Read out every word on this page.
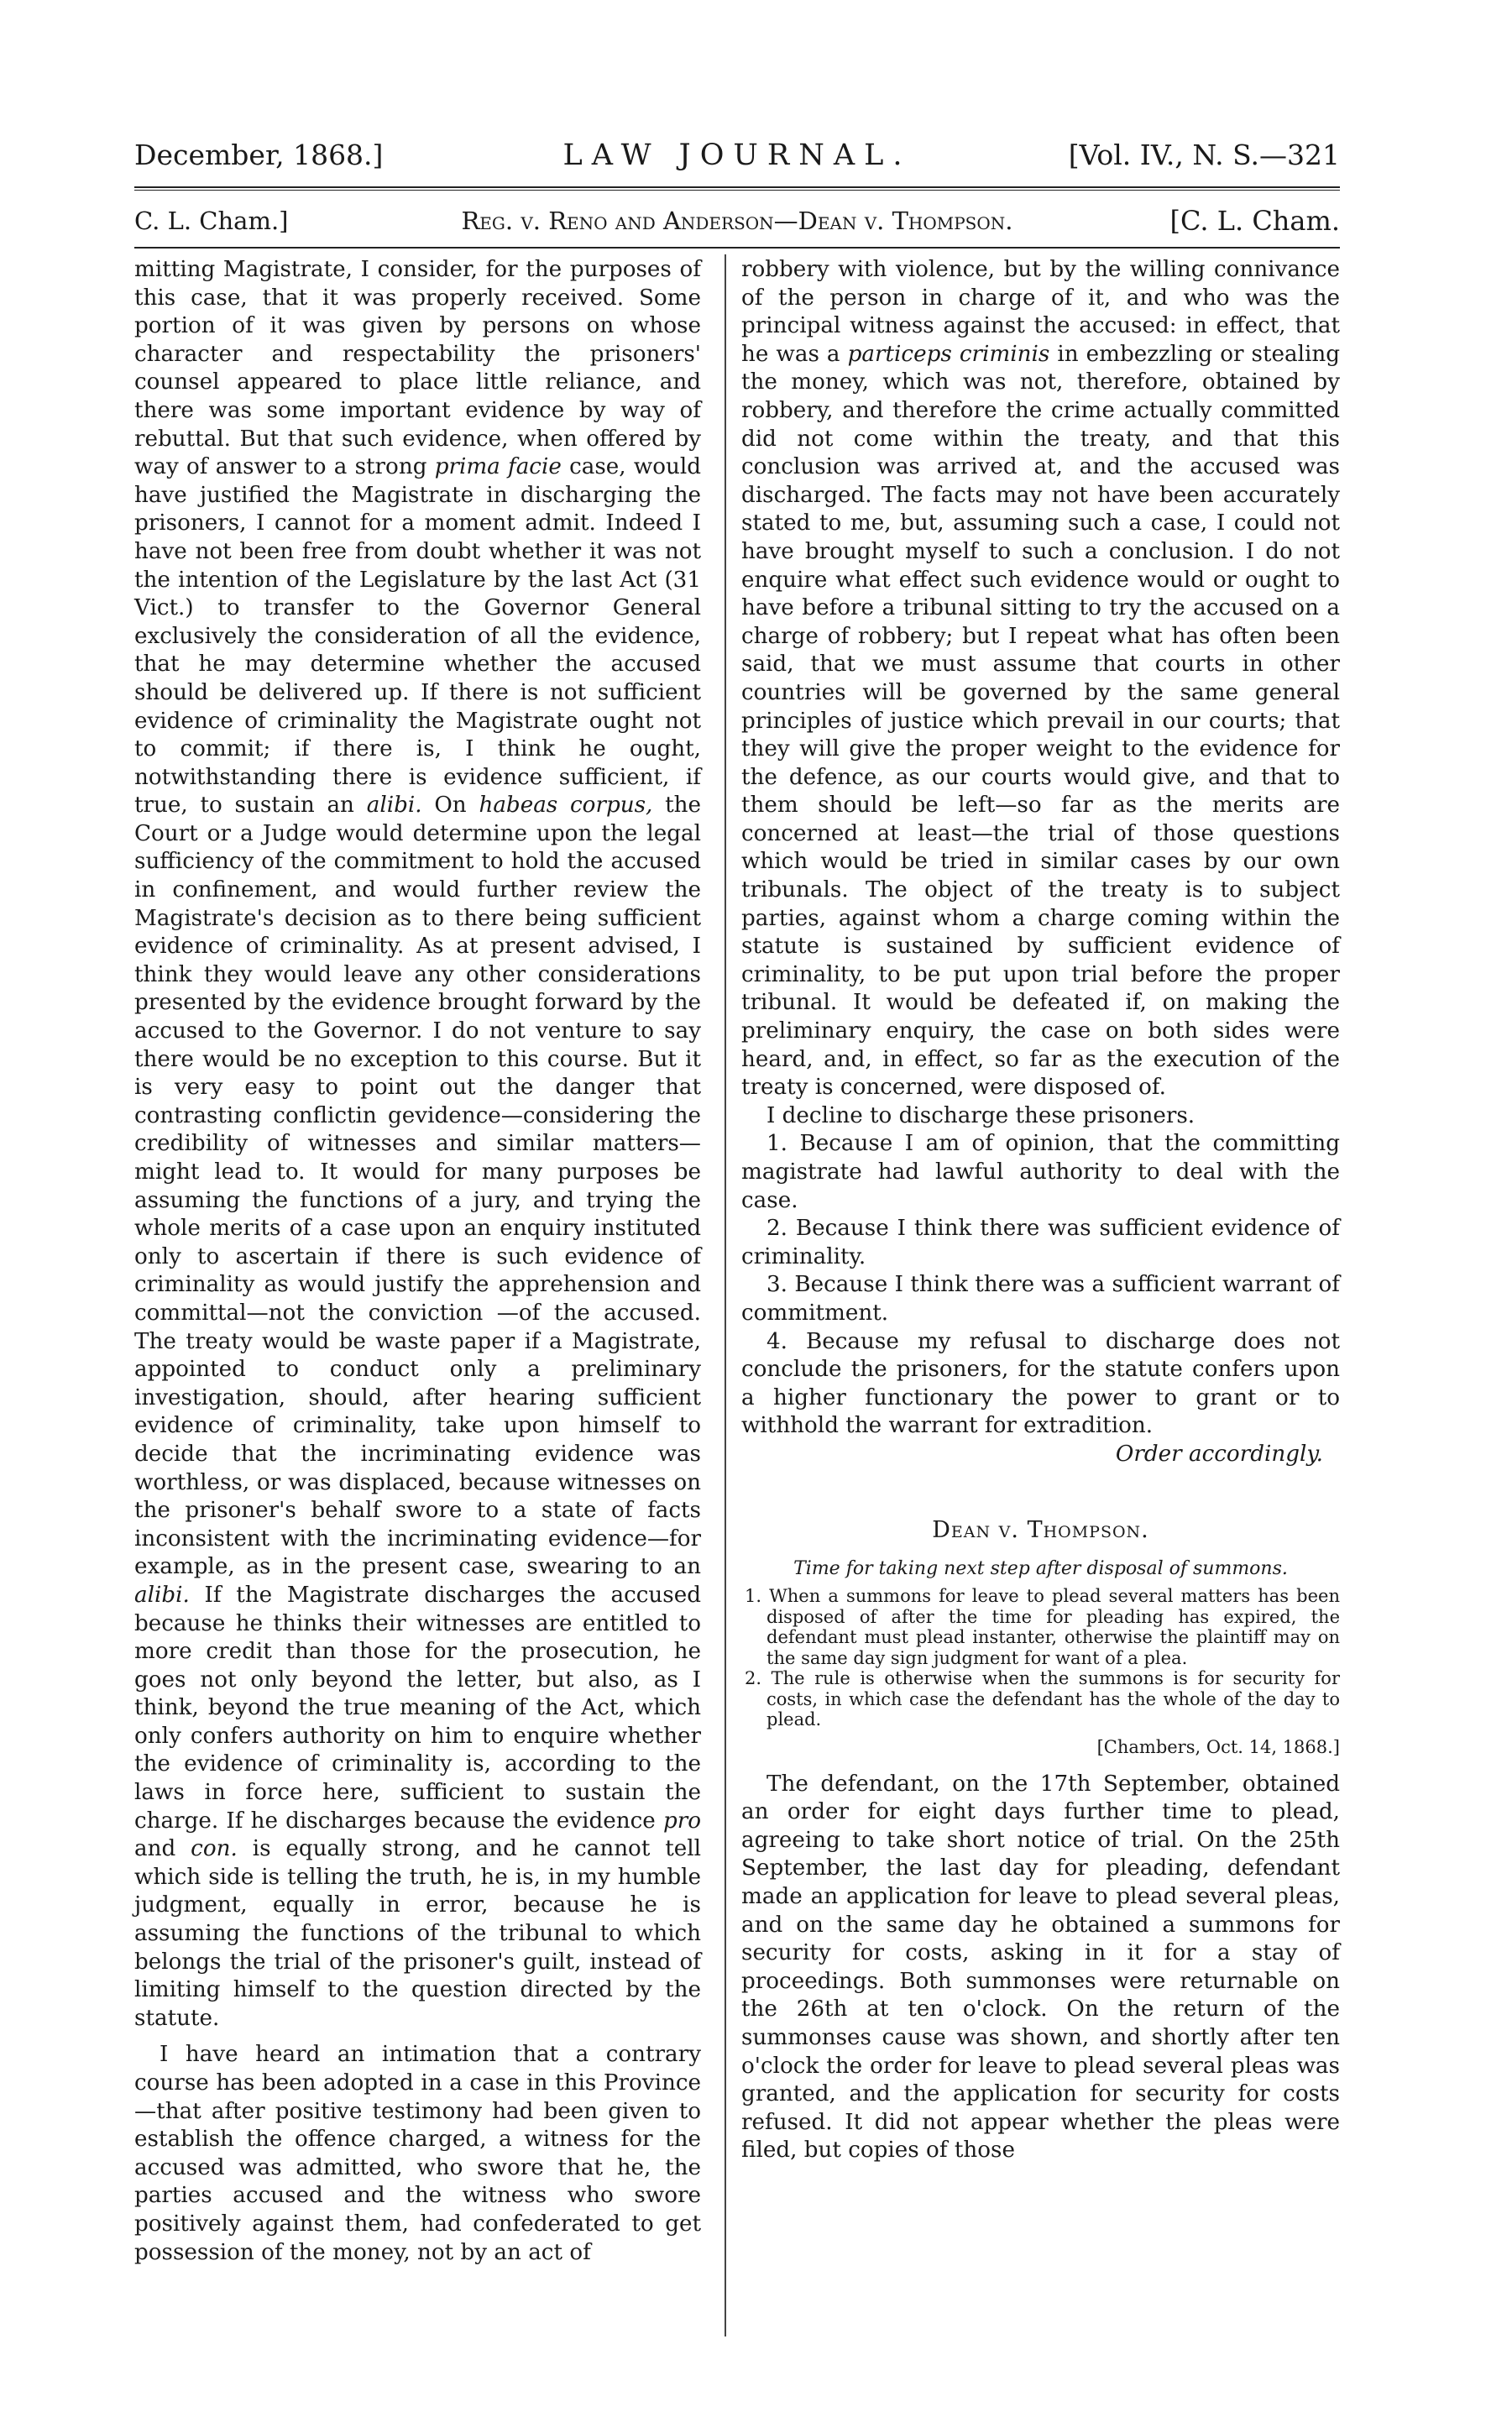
December, 1868.]	LAW JOURNAL.	[Vol. IV., N. S.—321
C. L. Cham.]	Reg. v. Reno and Anderson—Dean v. Thompson.	[C. L. Cham.

mitting Magistrate, I consider, for the purposes of this case, that it was properly received. Some portion of it was given by persons on whose character and respectability the prisoners' counsel appeared to place little reliance, and there was some important evidence by way of rebuttal. But that such evidence, when offered by way of answer to a strong prima facie case, would have justified the Magistrate in discharging the prisoners, I cannot for a moment admit. Indeed I have not been free from doubt whether it was not the intention of the Legislature by the last Act (31 Vict.) to transfer to the Governor General exclusively the consideration of all the evidence, that he may determine whether the accused should be delivered up. If there is not sufficient evidence of criminality the Magistrate ought not to commit; if there is, I think he ought, notwithstanding there is evidence sufficient, if true, to sustain an alibi. On habeas corpus, the Court or a Judge would determine upon the legal sufficiency of the commitment to hold the accused in confinement, and would further review the Magistrate's decision as to there being sufficient evidence of criminality. As at present advised, I think they would leave any other considerations presented by the evidence brought forward by the accused to the Governor. I do not venture to say there would be no exception to this course. But it is very easy to point out the danger that contrasting conflictin gevidence—considering the credibility of witnesses and similar matters—might lead to. It would for many purposes be assuming the functions of a jury, and trying the whole merits of a case upon an enquiry instituted only to ascertain if there is such evidence of criminality as would justify the apprehension and committal—not the conviction —of the accused. The treaty would be waste paper if a Magistrate, appointed to conduct only a preliminary investigation, should, after hearing sufficient evidence of criminality, take upon himself to decide that the incriminating evidence was worthless, or was displaced, because witnesses on the prisoner's behalf swore to a state of facts inconsistent with the incriminating evidence—for example, as in the present case, swearing to an alibi. If the Magistrate discharges the accused because he thinks their witnesses are entitled to more credit than those for the prosecution, he goes not only beyond the letter, but also, as I think, beyond the true meaning of the Act, which only confers authority on him to enquire whether the evidence of criminality is, according to the laws in force here, sufficient to sustain the charge. If he discharges because the evidence pro and con. is equally strong, and he cannot tell which side is telling the truth, he is, in my humble judgment, equally in error, because he is assuming the functions of the tribunal to which belongs the trial of the prisoner's guilt, instead of limiting himself to the question directed by the statute.

I have heard an intimation that a contrary course has been adopted in a case in this Province—that after positive testimony had been given to establish the offence charged, a witness for the accused was admitted, who swore that he, the parties accused and the witness who swore positively against them, had confederated to get possession of the money, not by an act of

robbery with violence, but by the willing connivance of the person in charge of it, and who was the principal witness against the accused: in effect, that he was a particeps criminis in embezzling or stealing the money, which was not, therefore, obtained by robbery, and therefore the crime actually committed did not come within the treaty, and that this conclusion was arrived at, and the accused was discharged. The facts may not have been accurately stated to me, but, assuming such a case, I could not have brought myself to such a conclusion. I do not enquire what effect such evidence would or ought to have before a tribunal sitting to try the accused on a charge of robbery; but I repeat what has often been said, that we must assume that courts in other countries will be governed by the same general principles of justice which prevail in our courts; that they will give the proper weight to the evidence for the defence, as our courts would give, and that to them should be left—so far as the merits are concerned at least—the trial of those questions which would be tried in similar cases by our own tribunals. The object of the treaty is to subject parties, against whom a charge coming within the statute is sustained by sufficient evidence of criminality, to be put upon trial before the proper tribunal. It would be defeated if, on making the preliminary enquiry, the case on both sides were heard, and, in effect, so far as the execution of the treaty is concerned, were disposed of.

I decline to discharge these prisoners.

1. Because I am of opinion, that the committing magistrate had lawful authority to deal with the case.

2. Because I think there was sufficient evidence of criminality.

3. Because I think there was a sufficient warrant of commitment.

4. Because my refusal to discharge does not conclude the prisoners, for the statute confers upon a higher functionary the power to grant or to withhold the warrant for extradition.

Order accordingly.

Dean v. Thompson.

Time for taking next step after disposal of summons.

1. When a summons for leave to plead several matters has been disposed of after the time for pleading has expired, the defendant must plead instanter, otherwise the plaintiff may on the same day sign judgment for want of a plea.

2. The rule is otherwise when the summons is for security for costs, in which case the defendant has the whole of the day to plead.

[Chambers, Oct. 14, 1868.]

The defendant, on the 17th September, obtained an order for eight days further time to plead, agreeing to take short notice of trial. On the 25th September, the last day for pleading, defendant made an application for leave to plead several pleas, and on the same day he obtained a summons for security for costs, asking in it for a stay of proceedings. Both summonses were returnable on the 26th at ten o'clock. On the return of the summonses cause was shown, and shortly after ten o'clock the order for leave to plead several pleas was granted, and the application for security for costs refused. It did not appear whether the pleas were filed, but copies of those
